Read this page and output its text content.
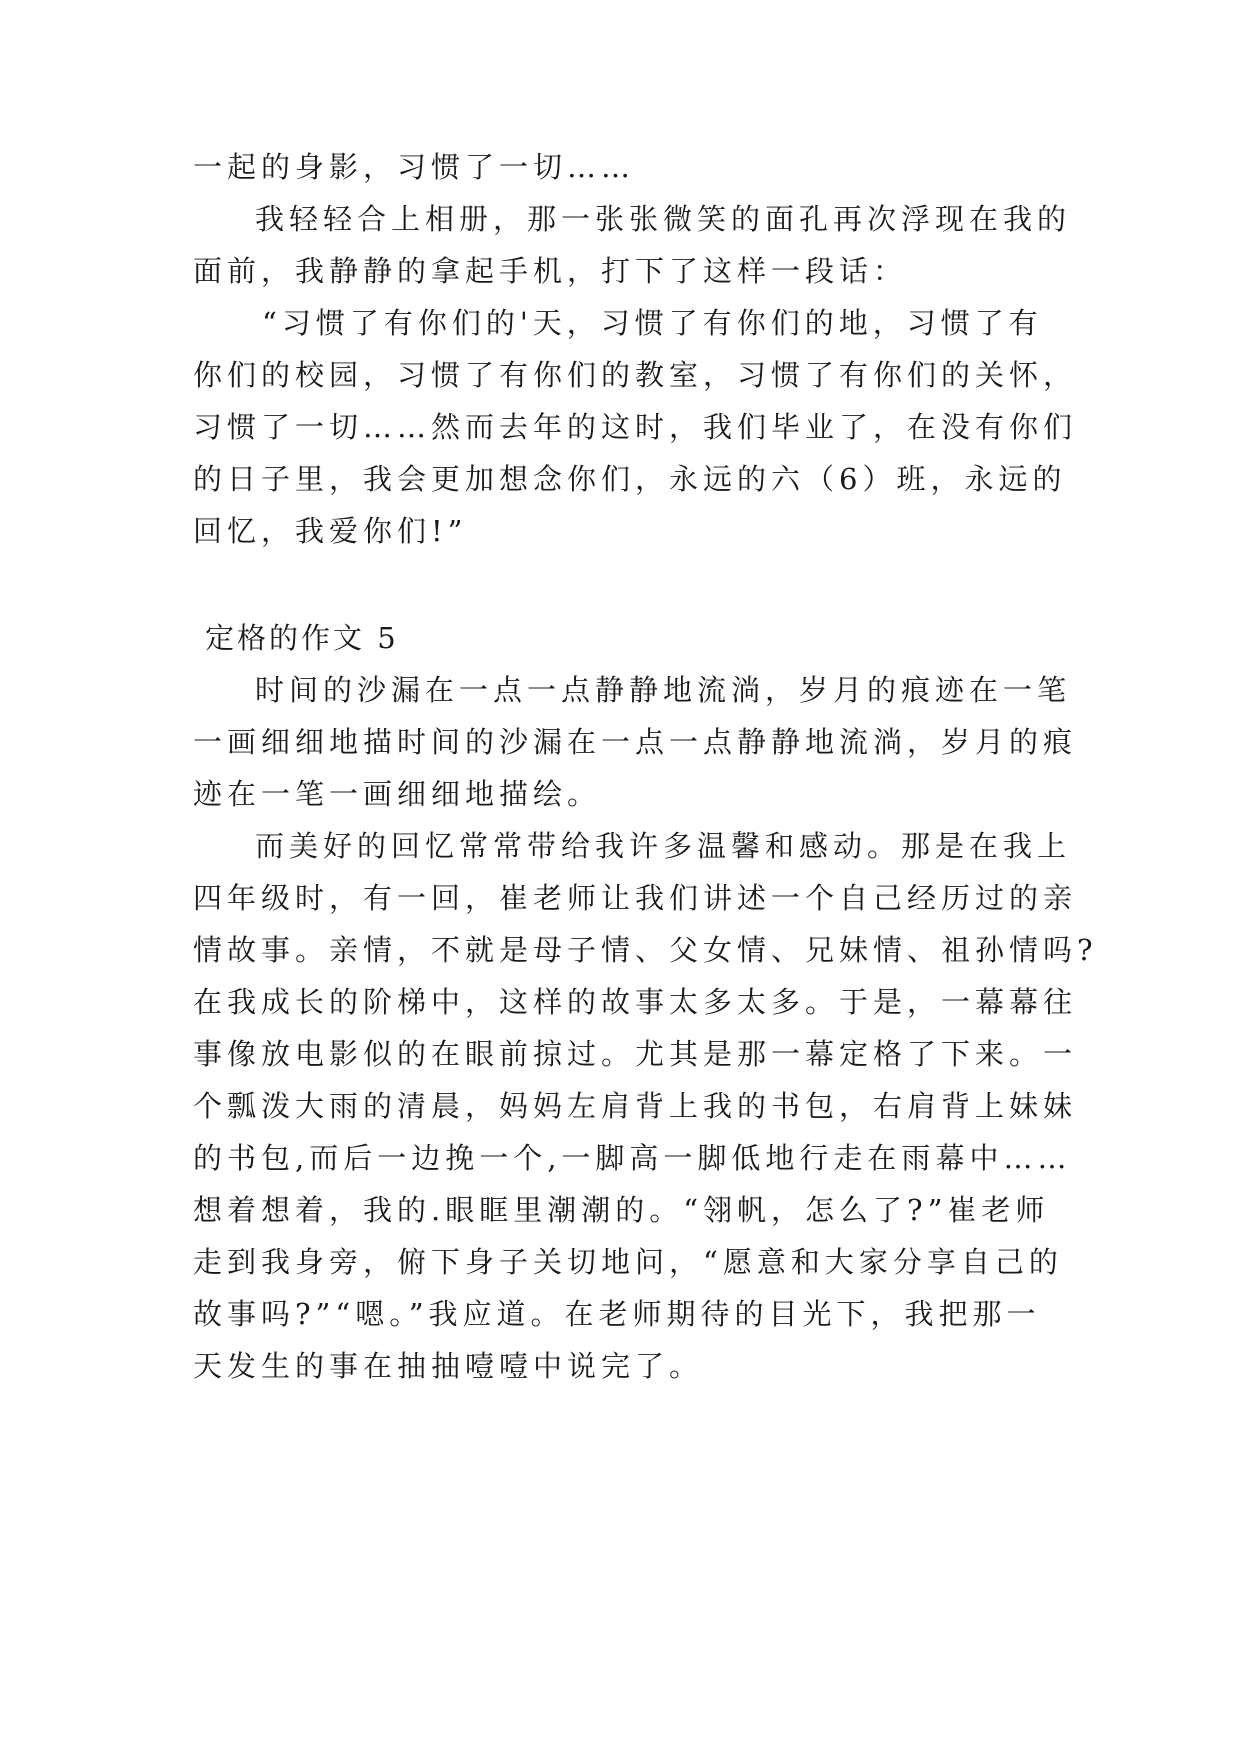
一起的身影，习惯了一切……

我轻轻合上相册，那一张张微笑的面孔再次浮现在我的

面前，我静静的拿起手机，打下了这样一段话：

“习惯了有你们的'天，习惯了有你们的地，习惯了有

你们的校园，习惯了有你们的教室，习惯了有你们的关怀，

习惯了一切……然而去年的这时，我们毕业了，在没有你们

的日子里，我会更加想念你们，永远的六（6）班，永远的

回忆，我爱你们!”

定格的作文 5

时间的沙漏在一点一点静静地流淌，岁月的痕迹在一笔

一画细细地描时间的沙漏在一点一点静静地流淌，岁月的痕

迹在一笔一画细细地描绘。

而美好的回忆常常带给我许多温馨和感动。那是在我上

四年级时，有一回，崔老师让我们讲述一个自己经历过的亲

情故事。亲情，不就是母子情、父女情、兄妹情、祖孙情吗?

在我成长的阶梯中，这样的故事太多太多。于是，一幕幕往

事像放电影似的在眼前掠过。尤其是那一幕定格了下来。一

个瓢泼大雨的清晨，妈妈左肩背上我的书包，右肩背上妹妹

的书包,而后一边挽一个,一脚高一脚低地行走在雨幕中……

想着想着，我的.眼眶里潮潮的。“翎帆，怎么了?”崔老师

走到我身旁，俯下身子关切地问，“愿意和大家分享自己的

故事吗?”“嗯。”我应道。在老师期待的目光下，我把那一

天发生的事在抽抽噎噎中说完了。
